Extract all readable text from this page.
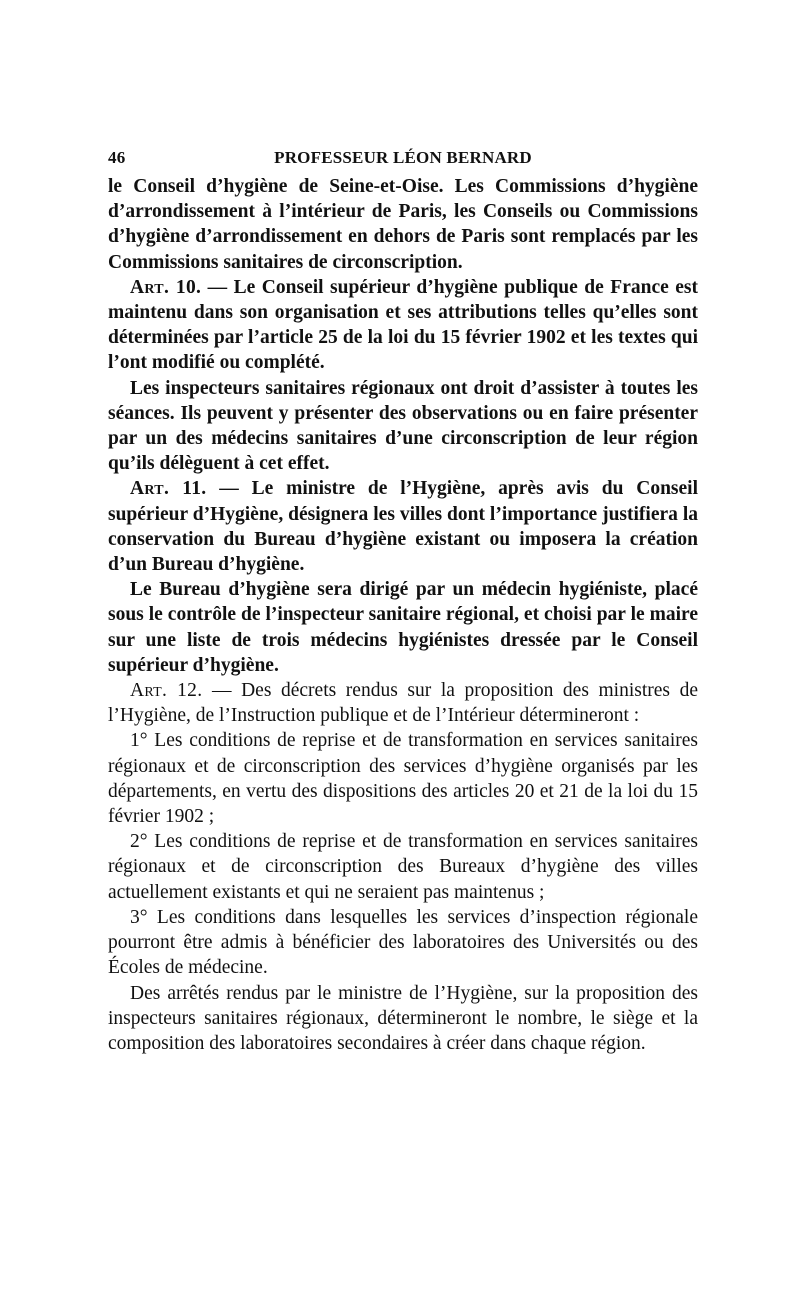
46	PROFESSEUR LÉON BERNARD

le Conseil d’hygiène de Seine-et-Oise. Les Commissions d’hygiène d’arrondissement à l’intérieur de Paris, les Conseils ou Commissions d’hygiène d’arrondissement en dehors de Paris sont remplacés par les Commissions sanitaires de circonscription.

Art. 10. — Le Conseil supérieur d’hygiène publique de France est maintenu dans son organisation et ses attributions telles qu’elles sont déterminées par l’article 25 de la loi du 15 février 1902 et les textes qui l’ont modifié ou complété.

Les inspecteurs sanitaires régionaux ont droit d’assister à toutes les séances. Ils peuvent y présenter des observations ou en faire présenter par un des médecins sanitaires d’une circonscription de leur région qu’ils délèguent à cet effet.

Art. 11. — Le ministre de l’Hygiène, après avis du Conseil supérieur d’Hygiène, désignera les villes dont l’importance justifiera la conservation du Bureau d’hygiène existant ou imposera la création d’un Bureau d’hygiène.

Le Bureau d’hygiène sera dirigé par un médecin hygiéniste, placé sous le contrôle de l’inspecteur sanitaire régional, et choisi par le maire sur une liste de trois médecins hygiénistes dressée par le Conseil supérieur d’hygiène.

Art. 12. — Des décrets rendus sur la proposition des ministres de l’Hygiène, de l’Instruction publique et de l’Intérieur détermineront :

1° Les conditions de reprise et de transformation en services sanitaires régionaux et de circonscription des services d’hygiène organisés par les départements, en vertu des dispositions des articles 20 et 21 de la loi du 15 février 1902 ;

2° Les conditions de reprise et de transformation en services sanitaires régionaux et de circonscription des Bureaux d’hygiène des villes actuellement existants et qui ne seraient pas maintenus ;

3° Les conditions dans lesquelles les services d’inspection régionale pourront être admis à bénéficier des laboratoires des Universités ou des Écoles de médecine.

Des arrêtés rendus par le ministre de l’Hygiène, sur la proposition des inspecteurs sanitaires régionaux, détermineront le nombre, le siège et la composition des laboratoires secondaires à créer dans chaque région.
